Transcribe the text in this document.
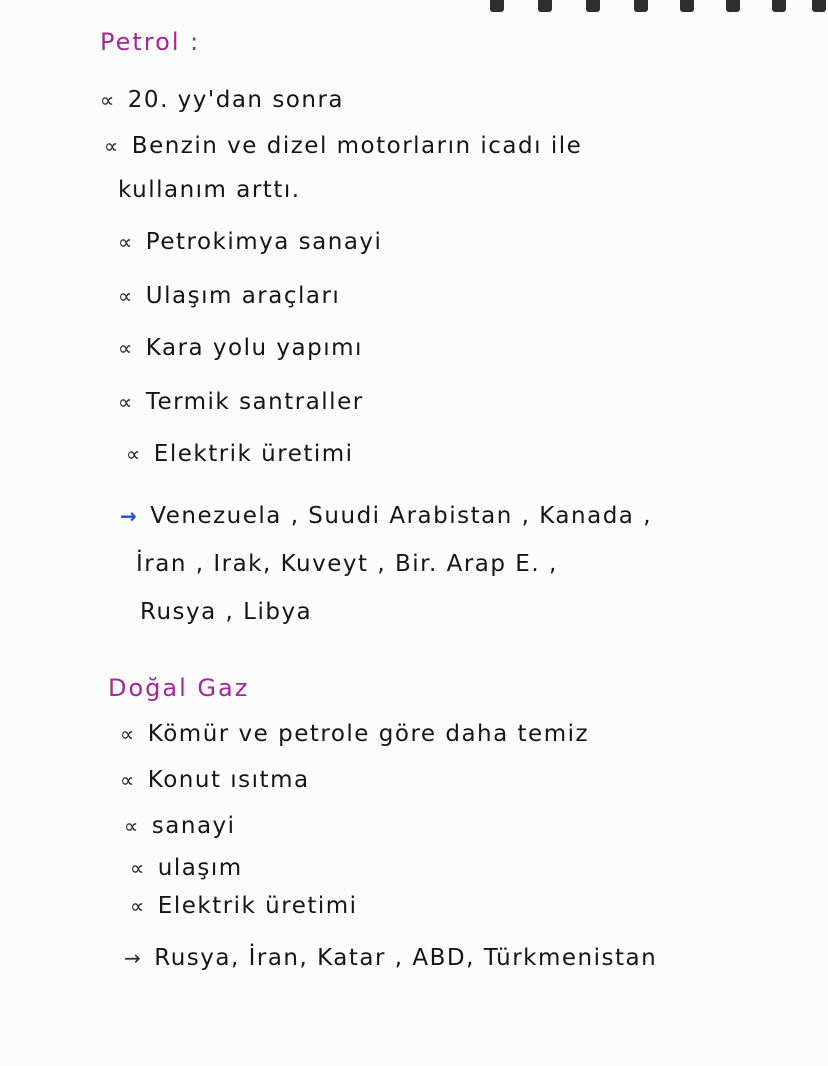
Petrol :
∝ 20. yy'dan sonra
∝ Benzin ve dizel motorların icadı ile
kullanım arttı.
∝ Petrokimya sanayi
∝ Ulaşım araçları
∝ Kara yolu yapımı
∝ Termik santraller
∝ Elektrik üretimi
→ Venezuela , Suudi Arabistan , Kanada ,
İran , Irak, Kuveyt , Bir. Arap E. ,
Rusya , Libya
Doğal Gaz
∝ Kömür ve petrole göre daha temiz
∝ Konut ısıtma
∝ sanayi
∝ ulaşım
∝ Elektrik üretimi
→ Rusya, İran, Katar , ABD, Türkmenistan
